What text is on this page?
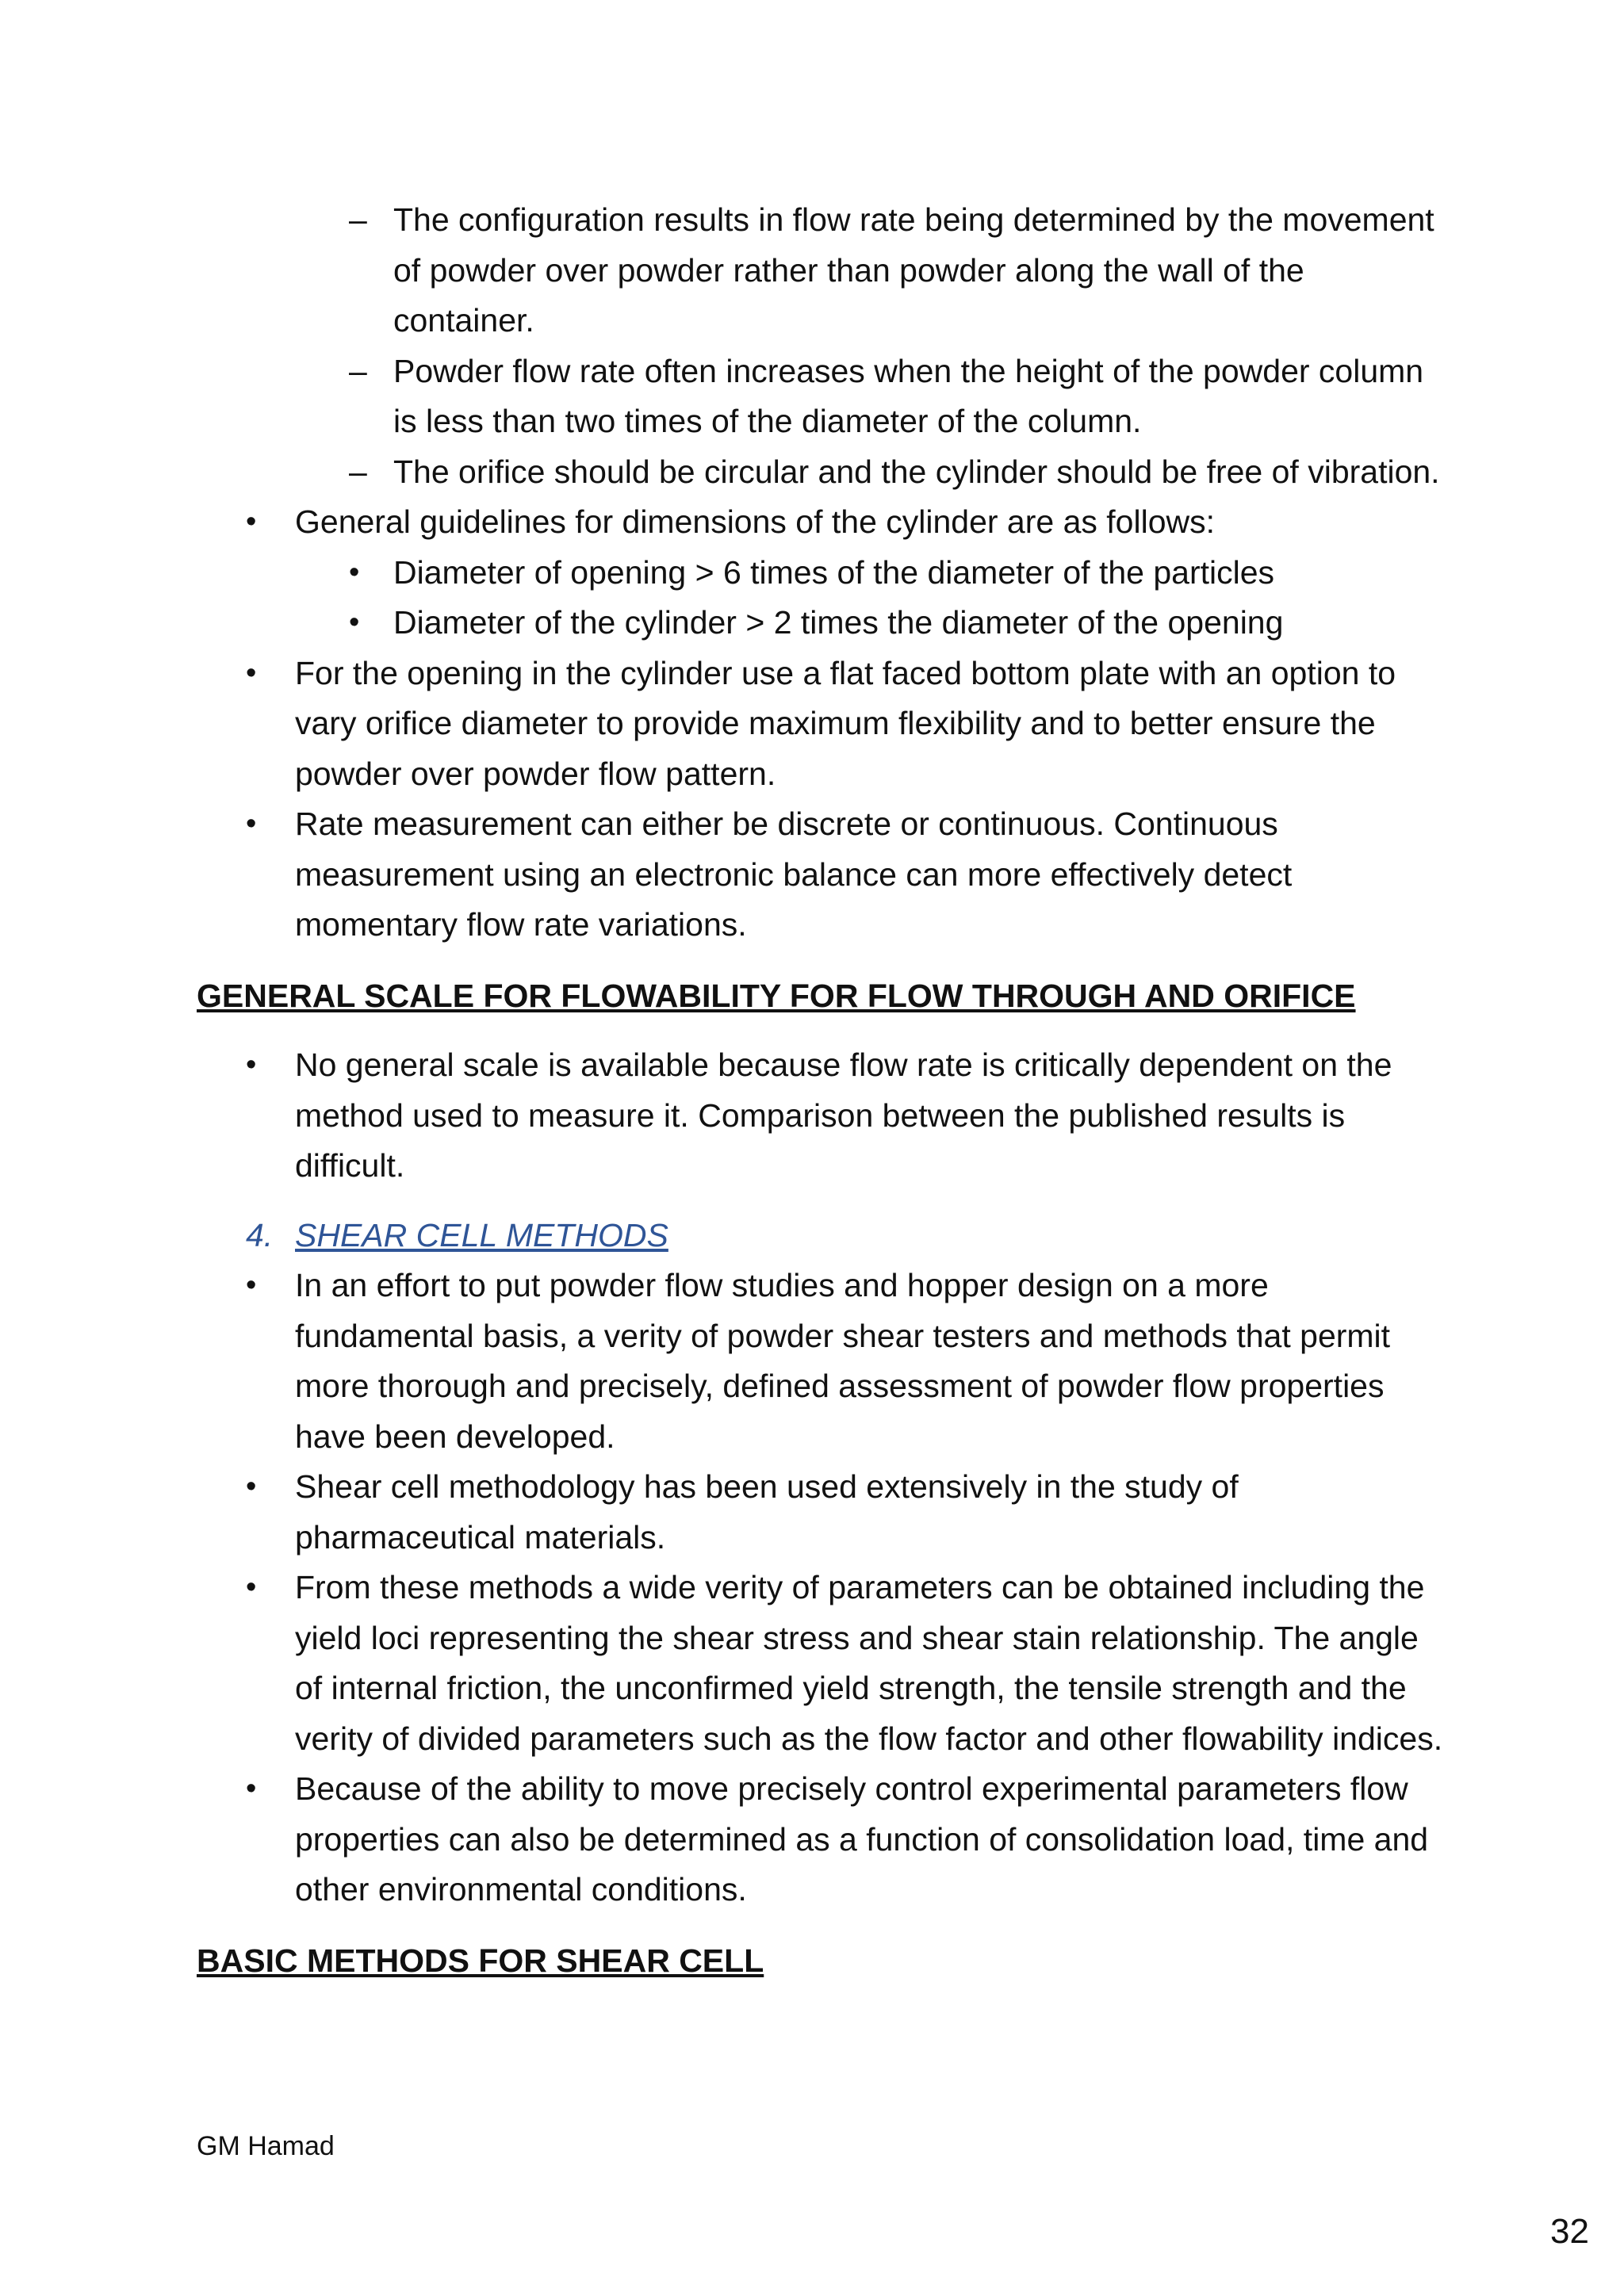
– The configuration results in flow rate being determined by the movement of powder over powder rather than powder along the wall of the container.
– Powder flow rate often increases when the height of the powder column is less than two times of the diameter of the column.
– The orifice should be circular and the cylinder should be free of vibration.
• General guidelines for dimensions of the cylinder are as follows:
• Diameter of opening > 6 times of the diameter of the particles
• Diameter of the cylinder > 2 times the diameter of the opening
• For the opening in the cylinder use a flat faced bottom plate with an option to vary orifice diameter to provide maximum flexibility and to better ensure the powder over powder flow pattern.
• Rate measurement can either be discrete or continuous. Continuous measurement using an electronic balance can more effectively detect momentary flow rate variations.
GENERAL SCALE FOR FLOWABILITY FOR FLOW THROUGH AND ORIFICE
• No general scale is available because flow rate is critically dependent on the method used to measure it. Comparison between the published results is difficult.
4. SHEAR CELL METHODS
• In an effort to put powder flow studies and hopper design on a more fundamental basis, a verity of powder shear testers and methods that permit more thorough and precisely, defined assessment of powder flow properties have been developed.
• Shear cell methodology has been used extensively in the study of pharmaceutical materials.
• From these methods a wide verity of parameters can be obtained including the yield loci representing the shear stress and shear stain relationship. The angle of internal friction, the unconfirmed yield strength, the tensile strength and the verity of divided parameters such as the flow factor and other flowability indices.
• Because of the ability to move precisely control experimental parameters flow properties can also be determined as a function of consolidation load, time and other environmental conditions.
BASIC METHODS FOR SHEAR CELL
GM Hamad
32
